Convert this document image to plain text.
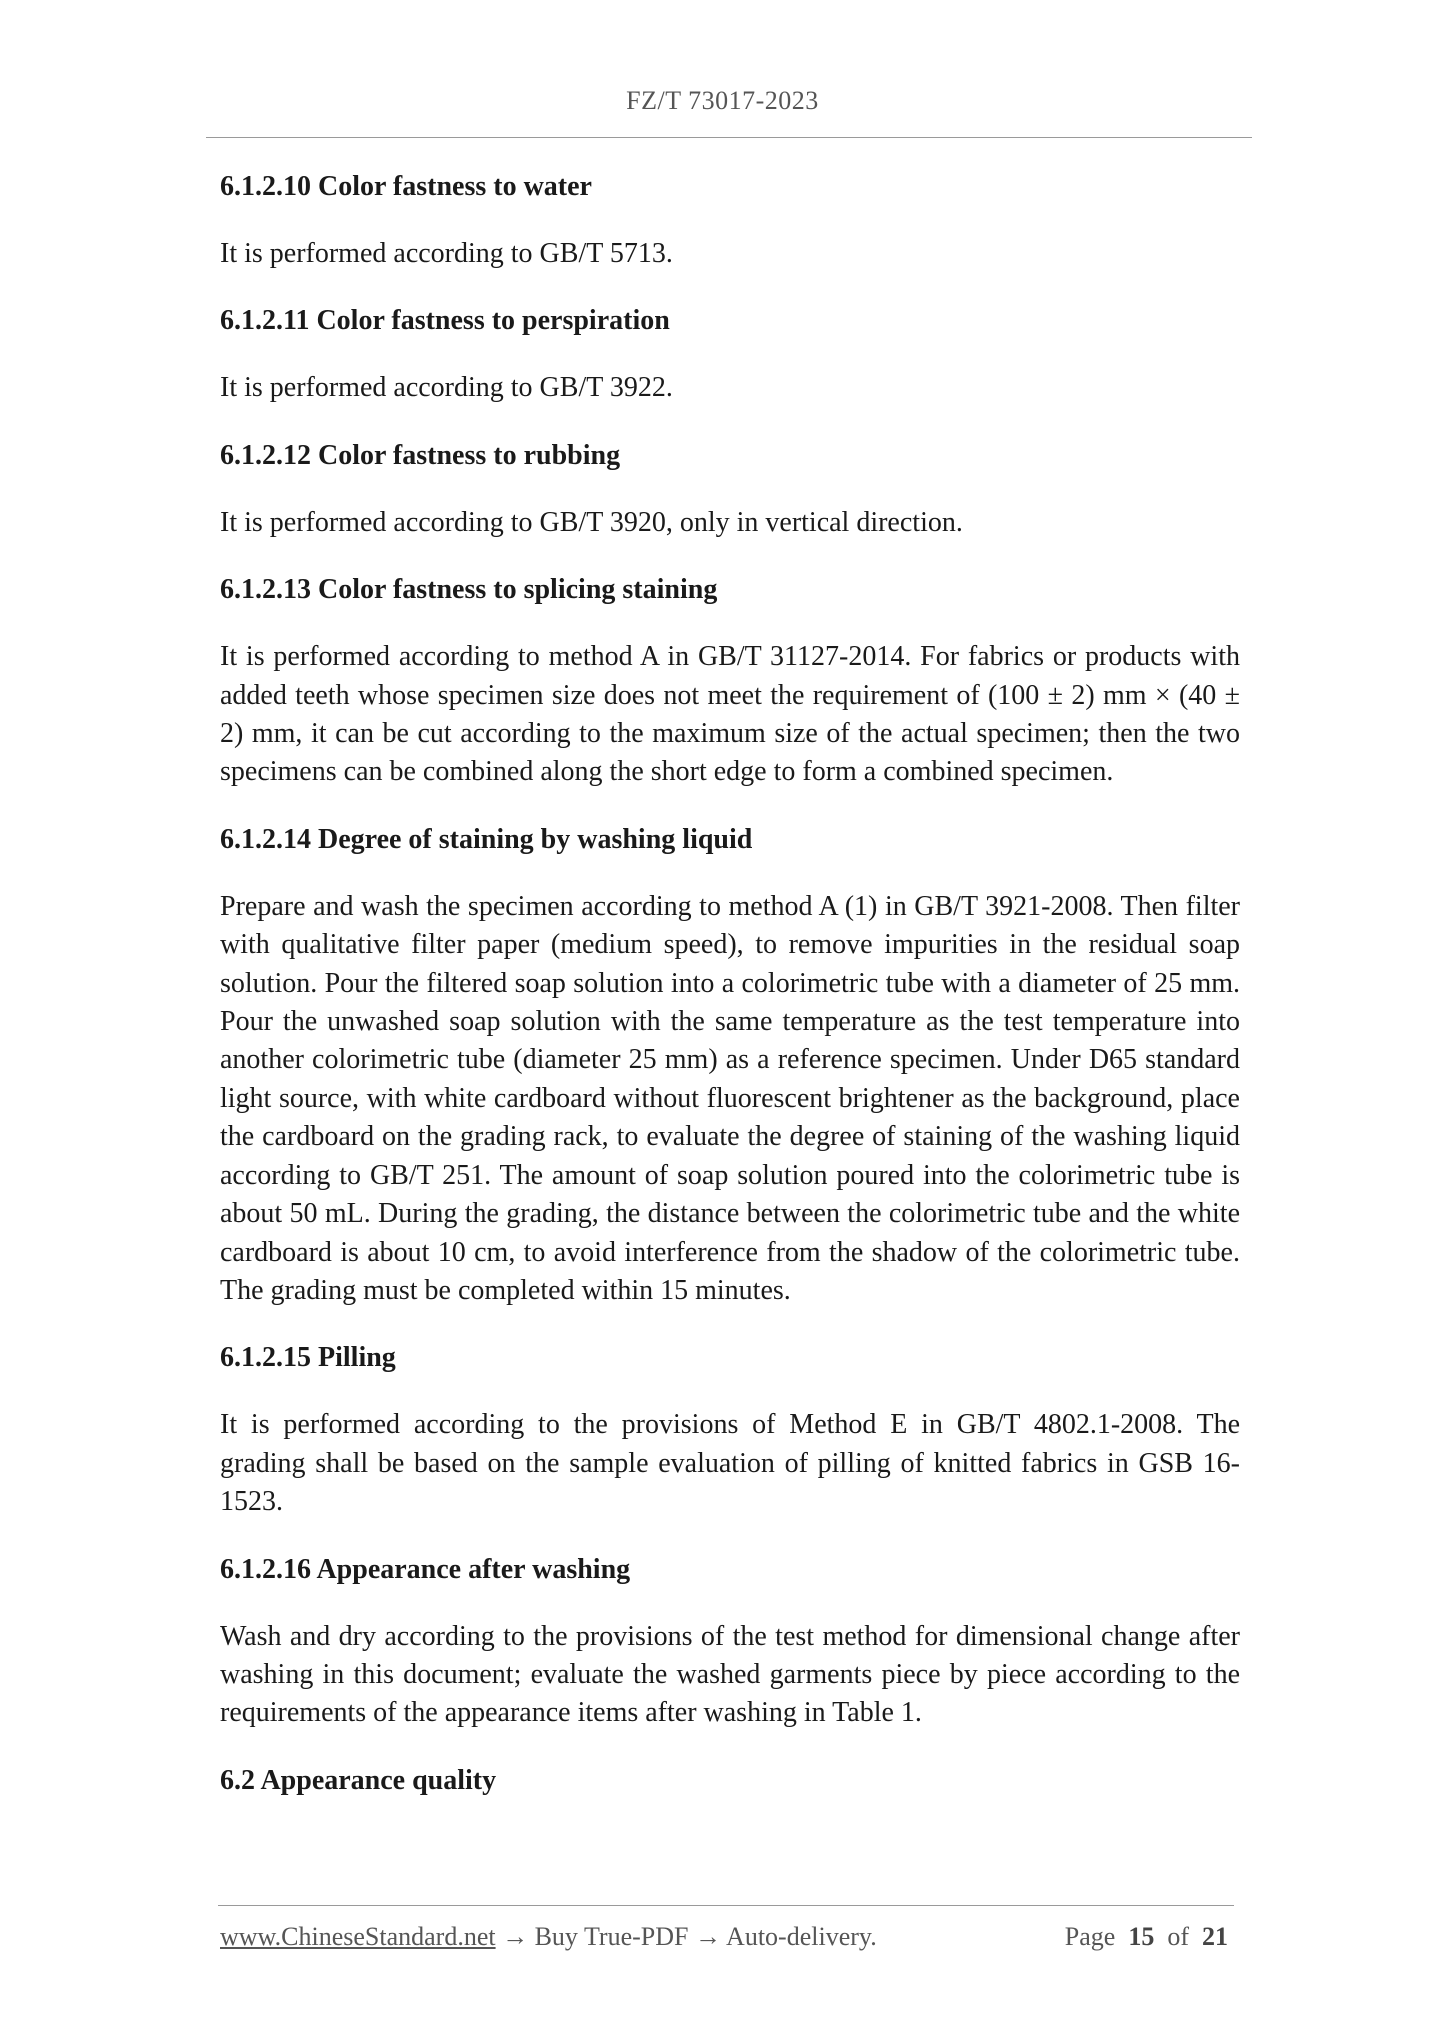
FZ/T 73017-2023
6.1.2.10 Color fastness to water
It is performed according to GB/T 5713.
6.1.2.11 Color fastness to perspiration
It is performed according to GB/T 3922.
6.1.2.12 Color fastness to rubbing
It is performed according to GB/T 3920, only in vertical direction.
6.1.2.13 Color fastness to splicing staining
It is performed according to method A in GB/T 31127-2014. For fabrics or products with added teeth whose specimen size does not meet the requirement of (100 ± 2) mm × (40 ± 2) mm, it can be cut according to the maximum size of the actual specimen; then the two specimens can be combined along the short edge to form a combined specimen.
6.1.2.14 Degree of staining by washing liquid
Prepare and wash the specimen according to method A (1) in GB/T 3921-2008. Then filter with qualitative filter paper (medium speed), to remove impurities in the residual soap solution. Pour the filtered soap solution into a colorimetric tube with a diameter of 25 mm. Pour the unwashed soap solution with the same temperature as the test temperature into another colorimetric tube (diameter 25 mm) as a reference specimen. Under D65 standard light source, with white cardboard without fluorescent brightener as the background, place the cardboard on the grading rack, to evaluate the degree of staining of the washing liquid according to GB/T 251. The amount of soap solution poured into the colorimetric tube is about 50 mL. During the grading, the distance between the colorimetric tube and the white cardboard is about 10 cm, to avoid interference from the shadow of the colorimetric tube. The grading must be completed within 15 minutes.
6.1.2.15 Pilling
It is performed according to the provisions of Method E in GB/T 4802.1-2008. The grading shall be based on the sample evaluation of pilling of knitted fabrics in GSB 16-1523.
6.1.2.16 Appearance after washing
Wash and dry according to the provisions of the test method for dimensional change after washing in this document; evaluate the washed garments piece by piece according to the requirements of the appearance items after washing in Table 1.
6.2 Appearance quality
www.ChineseStandard.net → Buy True-PDF → Auto-delivery.	Page 15 of 21
